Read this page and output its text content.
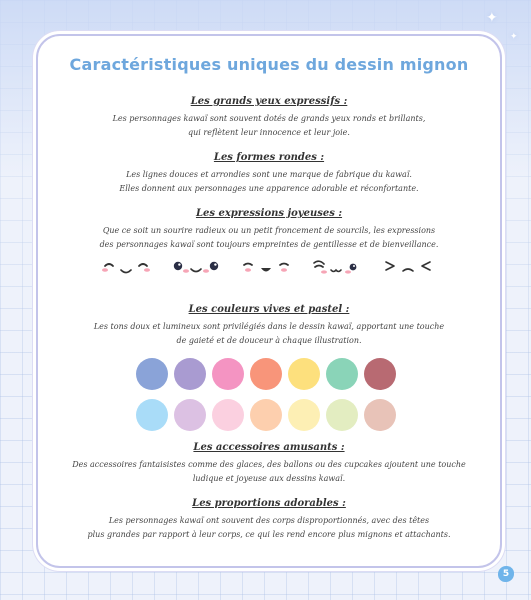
✦
✦
Caractéristiques uniques du dessin mignon
Les grands yeux expressifs :
Les personnages kawaï sont souvent dotés de grands yeux ronds et brillants,
qui reflètent leur innocence et leur joie.
Les formes rondes :
Les lignes douces et arrondies sont une marque de fabrique du kawaï.
Elles donnent aux personnages une apparence adorable et réconfortante.
Les expressions joyeuses :
Que ce soit un sourire radieux ou un petit froncement de sourcils, les expressions
des personnages kawaï sont toujours empreintes de gentillesse et de bienveillance.
Les couleurs vives et pastel :
Les tons doux et lumineux sont privilégiés dans le dessin kawaï, apportant une touche
de gaieté et de douceur à chaque illustration.
Les accessoires amusants :
Des accessoires fantaisistes comme des glaces, des ballons ou des cupcakes ajoutent une touche
ludique et joyeuse aux dessins kawaï.
Les proportions adorables :
Les personnages kawaï ont souvent des corps disproportionnés, avec des têtes
plus grandes par rapport à leur corps, ce qui les rend encore plus mignons et attachants.
5
